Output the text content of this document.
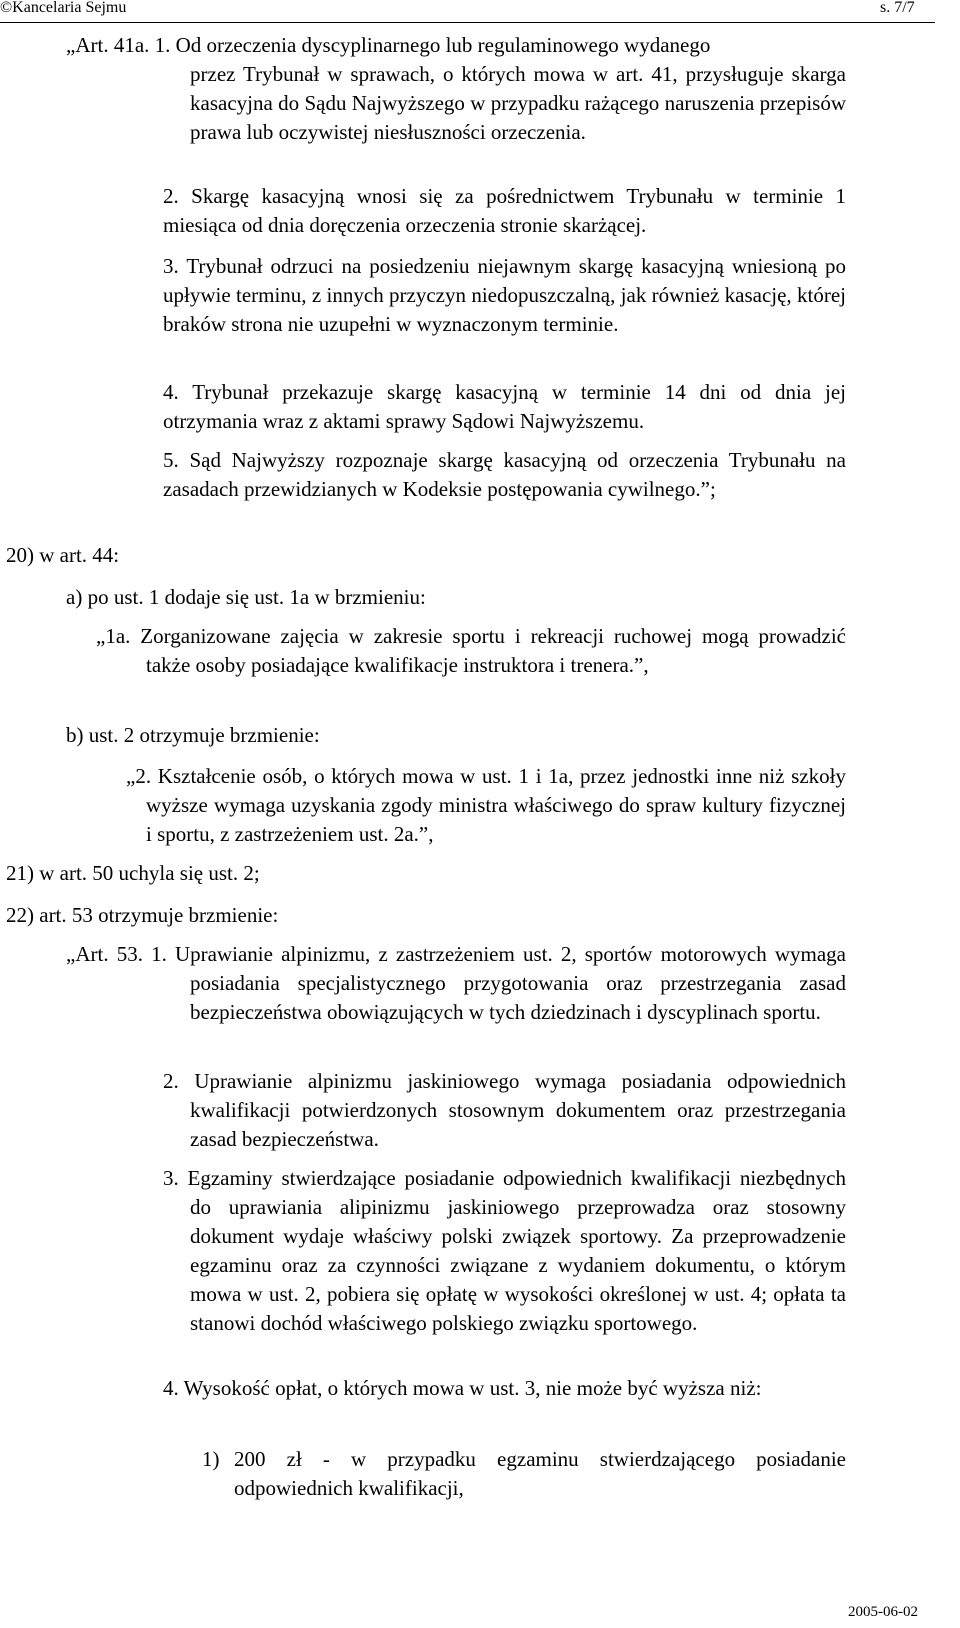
©Kancelaria Sejmu	s. 7/7
„Art. 41a. 1. Od orzeczenia dyscyplinarnego lub regulaminowego wydanego
przez Trybunał w sprawach, o których mowa w art. 41, przysługuje skarga kasacyjna do Sądu Najwyższego w przypadku rażącego naruszenia przepisów prawa lub oczywistej niesłuszności orzeczenia.
2. Skargę kasacyjną wnosi się za pośrednictwem Trybunału w terminie 1 miesiąca od dnia doręczenia orzeczenia stronie skarżącej.
3. Trybunał odrzuci na posiedzeniu niejawnym skargę kasacyjną wniesioną po upływie terminu, z innych przyczyn niedopuszczalną, jak również kasację, której braków strona nie uzupełni w wyznaczonym terminie.
4. Trybunał przekazuje skargę kasacyjną w terminie 14 dni od dnia jej otrzymania wraz z aktami sprawy Sądowi Najwyższemu.
5. Sąd Najwyższy rozpoznaje skargę kasacyjną od orzeczenia Trybunału na zasadach przewidzianych w Kodeksie postępowania cywilnego.”;
20) w art. 44:
a) po ust. 1 dodaje się ust. 1a w brzmieniu:
„1a. Zorganizowane zajęcia w zakresie sportu i rekreacji ruchowej mogą prowadzić także osoby posiadające kwalifikacje instruktora i trenera.”,
b) ust. 2 otrzymuje brzmienie:
„2. Kształcenie osób, o których mowa w ust. 1 i 1a, przez jednostki inne niż szkoły wyższe wymaga uzyskania zgody ministra właściwego do spraw kultury fizycznej i sportu, z zastrzeżeniem ust. 2a.”,
21) w art. 50 uchyla się ust. 2;
22) art. 53 otrzymuje brzmienie:
„Art. 53. 1. Uprawianie alpinizmu, z zastrzeżeniem ust. 2, sportów motorowych wymaga posiadania specjalistycznego przygotowania oraz przestrzegania zasad bezpieczeństwa obowiązujących w tych dziedzinach i dyscyplinach sportu.
2. Uprawianie alpinizmu jaskiniowego wymaga posiadania odpowiednich kwalifikacji potwierdzonych stosownym dokumentem oraz przestrzegania zasad bezpieczeństwa.
3. Egzaminy stwierdzające posiadanie odpowiednich kwalifikacji niezbędnych do uprawiania alipinizmu jaskiniowego przeprowadza oraz stosowny dokument wydaje właściwy polski związek sportowy. Za przeprowadzenie egzaminu oraz za czynności związane z wydaniem dokumentu, o którym mowa w ust. 2, pobiera się opłatę w wysokości określonej w ust. 4; opłata ta stanowi dochód właściwego polskiego związku sportowego.
4. Wysokość opłat, o których mowa w ust. 3, nie może być wyższa niż:
1) 200 zł - w przypadku egzaminu stwierdzającego posiadanie odpowiednich kwalifikacji,
2005-06-02
